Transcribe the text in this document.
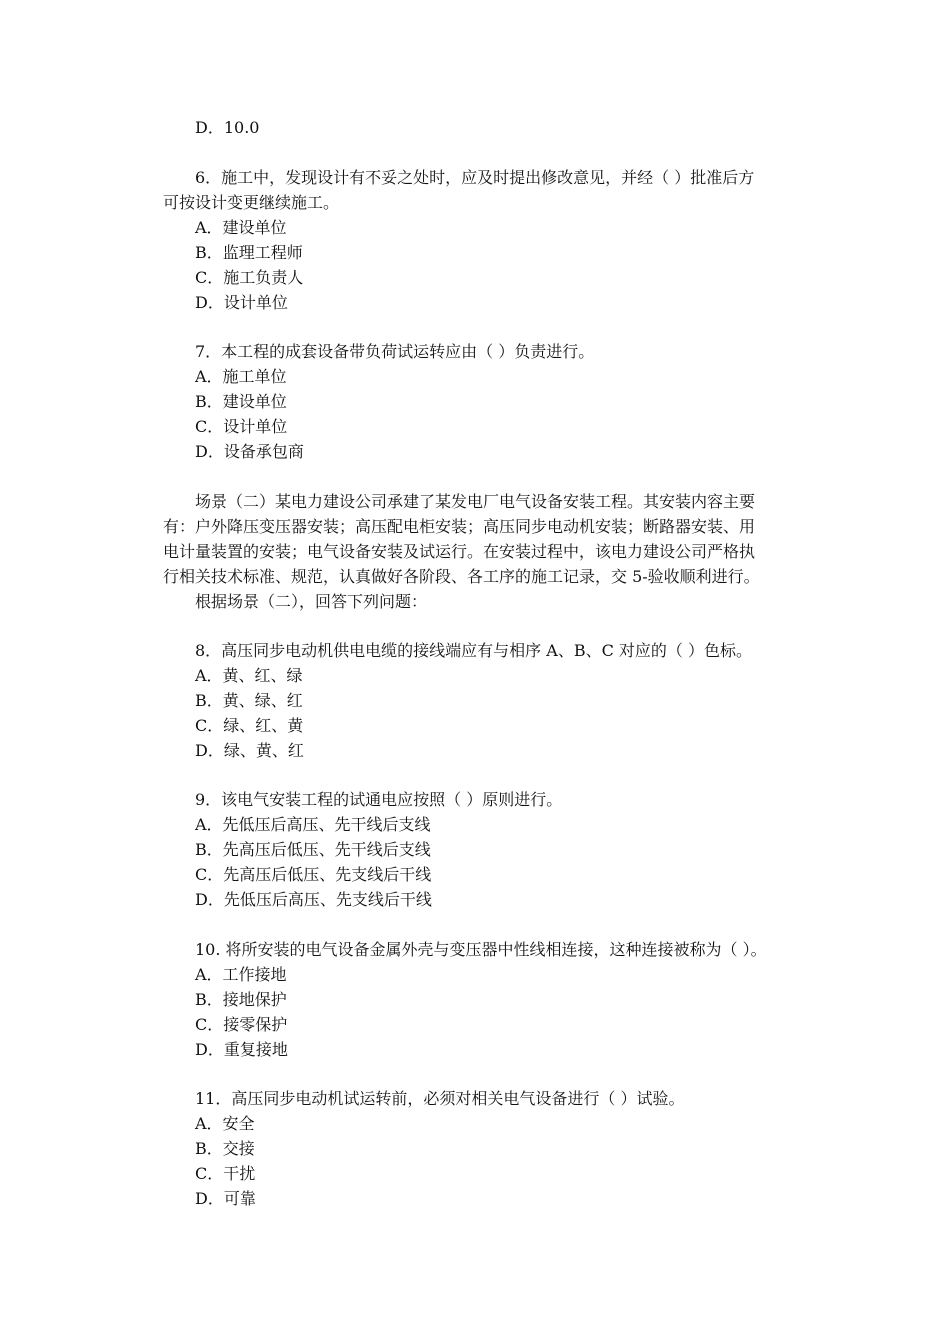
D．10.0
6．施工中，发现设计有不妥之处时，应及时提出修改意见，并经（ ）批准后方
可按设计变更继续施工。
A．建设单位
B．监理工程师
C．施工负责人
D．设计单位
7．本工程的成套设备带负荷试运转应由（ ）负责进行。
A．施工单位
B．建设单位
C．设计单位
D．设备承包商
场景（二）某电力建设公司承建了某发电厂电气设备安装工程。其安装内容主要
有：户外降压变压器安装；高压配电柜安装；高压同步电动机安装；断路器安装、用
电计量装置的安装；电气设备安装及试运行。在安装过程中，该电力建设公司严格执
行相关技术标准、规范，认真做好各阶段、各工序的施工记录，交 5-验收顺利进行。
根据场景（二），回答下列问题：
8．高压同步电动机供电电缆的接线端应有与相序 A、B、C 对应的（ ）色标。
A．黄、红、绿
B．黄、绿、红
C．绿、红、黄
D．绿、黄、红
9．该电气安装工程的试通电应按照（ ）原则进行。
A．先低压后高压、先干线后支线
B．先高压后低压、先干线后支线
C．先高压后低压、先支线后干线
D．先低压后高压、先支线后干线
10. 将所安装的电气设备金属外壳与变压器中性线相连接，这种连接被称为（ ）。
A．工作接地
B．接地保护
C．接零保护
D．重复接地
11．高压同步电动机试运转前，必须对相关电气设备进行（ ）试验。
A．安全
B．交接
C．干扰
D．可靠
